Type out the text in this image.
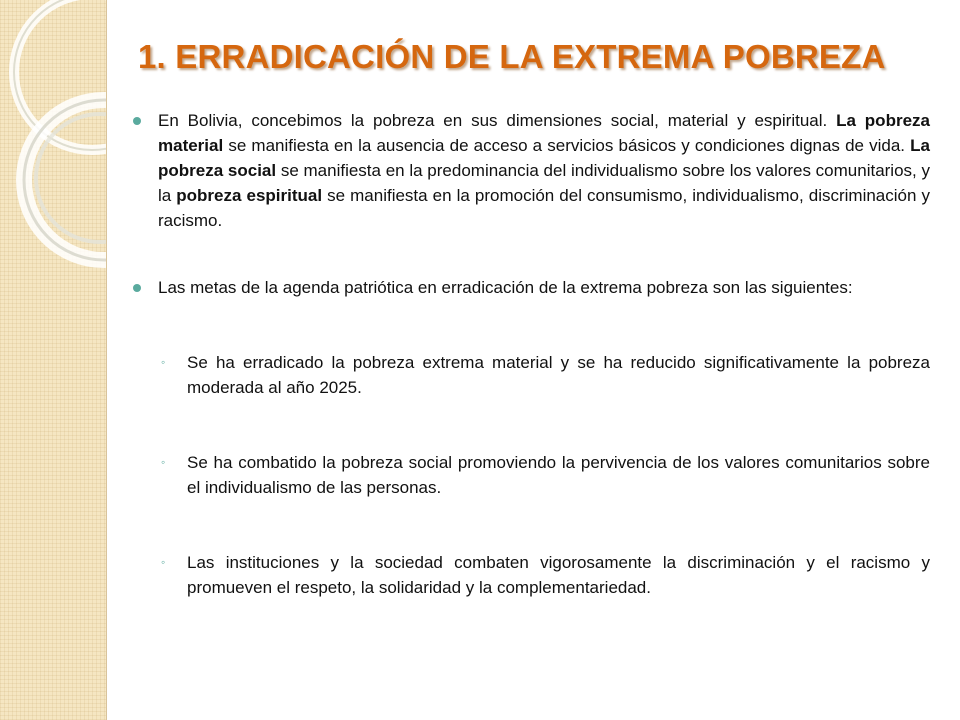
1. ERRADICACIÓN DE LA EXTREMA POBREZA
En Bolivia, concebimos la pobreza en sus dimensiones social, material y espiritual. La pobreza material se manifiesta en la ausencia de acceso a servicios básicos y condiciones dignas de vida. La pobreza social se manifiesta en la predominancia del individualismo sobre los valores comunitarios, y la pobreza espiritual se manifiesta en la promoción del consumismo, individualismo, discriminación y racismo.
Las metas de la agenda patriótica en erradicación de la extrema pobreza son las siguientes:
◦ Se ha erradicado la pobreza extrema material y se ha reducido significativamente la pobreza moderada al año 2025.
◦ Se ha combatido la pobreza social promoviendo la pervivencia de los valores comunitarios sobre el individualismo de las personas.
◦ Las instituciones y la sociedad combaten vigorosamente la discriminación y el racismo y promueven el respeto, la solidaridad y la complementariedad.
